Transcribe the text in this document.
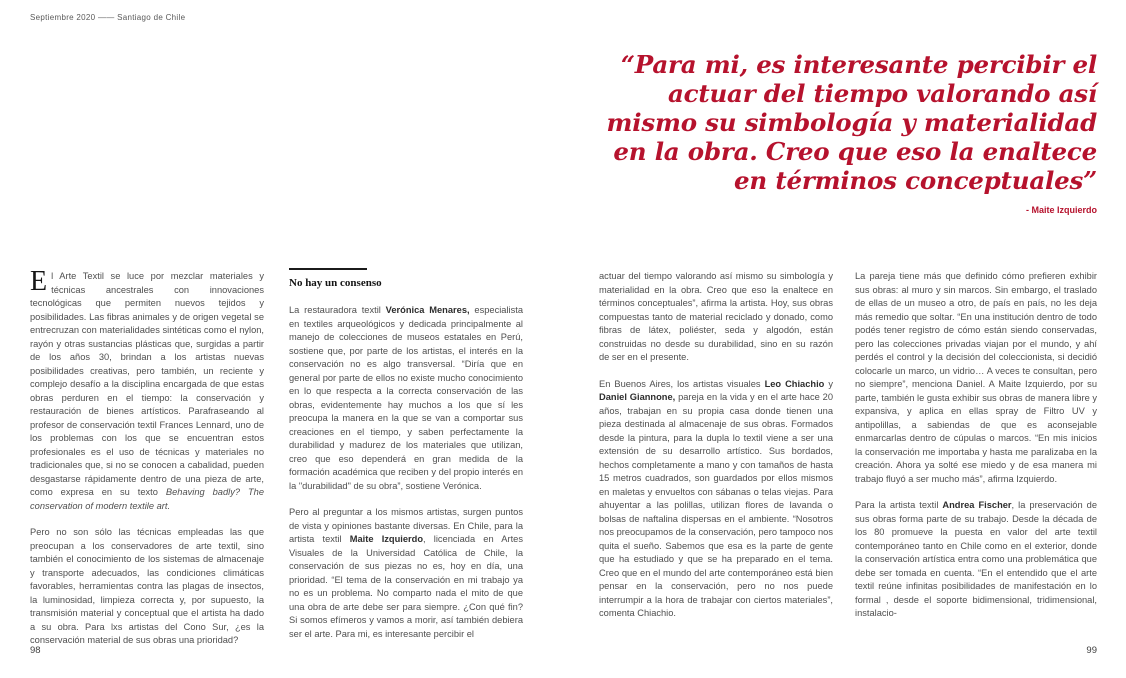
Septiembre 2020 —— Santiago de Chile
“Para mi, es interesante percibir el actuar del tiempo valorando así mismo su simbología y materialidad en la obra. Creo que eso la enaltece en términos conceptuales”
- Maite Izquierdo

El Arte Textil se luce por mezclar materiales y técnicas ancestrales con innovaciones tecnológicas que permiten nuevos tejidos y posibilidades. Las fibras animales y de origen vegetal se entrecruzan con materialidades sintéticas como el nylon, rayón y otras sustancias plásticas que, surgidas a partir de los años 30, brindan a los artistas nuevas posibilidades creativas, pero también, un reciente y complejo desafío a la disciplina encargada de que estas obras perduren en el tiempo: la conservación y restauración de bienes artísticos. Parafraseando al profesor de conservación textil Frances Lennard, uno de los problemas con los que se encuentran estos profesionales es el uso de técnicas y materiales no tradicionales que, si no se conocen a cabalidad, pueden desgastarse rápidamente dentro de una pieza de arte, como expresa en su texto Behaving badly? The conservation of modern textile art.

Pero no son sólo las técnicas empleadas las que preocupan a los conservadores de arte textil, sino también el conocimiento de los sistemas de almacenaje y transporte adecuados, las condiciones climáticas favorables, herramientas contra las plagas de insectos, la luminosidad, limpieza correcta y, por supuesto, la transmisión material y conceptual que el artista ha dado a su obra. Para lxs artistas del Cono Sur, ¿es la conservación material de sus obras una prioridad?

No hay un consenso

La restauradora textil Verónica Menares, especialista en textiles arqueológicos y dedicada principalmente al manejo de colecciones de museos estatales en Perú, sostiene que, por parte de los artistas, el interés en la conservación no es algo transversal. “Diría que en general por parte de ellos no existe mucho conocimiento en lo que respecta a la correcta conservación de las obras, evidentemente hay muchos a los que sí les preocupa la manera en la que se van a comportar sus creaciones en el tiempo, y saben perfectamente la durabilidad y madurez de los materiales que utilizan, creo que eso dependerá en gran medida de la formación académica que reciben y del propio interés en la "durabilidad" de su obra”, sostiene Verónica.

Pero al preguntar a los mismos artistas, surgen puntos de vista y opiniones bastante diversas. En Chile, para la artista textil Maite Izquierdo, licenciada en Artes Visuales de la Universidad Católica de Chile, la conservación de sus piezas no es, hoy en día, una prioridad. “El tema de la conservación en mi trabajo ya no es un problema. No comparto nada el mito de que una obra de arte debe ser para siempre. ¿Con qué fin? Si somos efímeros y vamos a morir, así también debiera ser el arte. Para mi, es interesante percibir el

actuar del tiempo valorando así mismo su simbología y materialidad en la obra. Creo que eso la enaltece en términos conceptuales”, afirma la artista. Hoy, sus obras compuestas tanto de material reciclado y donado, como fibras de látex, poliéster, seda y algodón, están construidas no desde su durabilidad, sino en su razón de ser en el presente.

En Buenos Aires, los artistas visuales Leo Chiachio y Daniel Giannone, pareja en la vida y en el arte hace 20 años, trabajan en su propia casa donde tienen una pieza destinada al almacenaje de sus obras. Formados desde la pintura, para la dupla lo textil viene a ser una extensión de su desarrollo artístico. Sus bordados, hechos completamente a mano y con tamaños de hasta 15 metros cuadrados, son guardados por ellos mismos en maletas y envueltos con sábanas o telas viejas. Para ahuyentar a las polillas, utilizan flores de lavanda o bolsas de naftalina dispersas en el ambiente. “Nosotros nos preocupamos de la conservación, pero tampoco nos quita el sueño. Sabemos que esa es la parte de gente que ha estudiado y que se ha preparado en el tema. Creo que en el mundo del arte contemporáneo está bien pensar en la conservación, pero no nos puede interrumpir a la hora de trabajar con ciertos materiales”, comenta Chiachio.

La pareja tiene más que definido cómo prefieren exhibir sus obras: al muro y sin marcos. Sin embargo, el traslado de ellas de un museo a otro, de país en país, no les deja más remedio que soltar. “En una institución dentro de todo podés tener registro de cómo están siendo conservadas, pero las colecciones privadas viajan por el mundo, y ahí perdés el control y la decisión del coleccionista, si decidió colocarle un marco, un vidrio… A veces te consultan, pero no siempre”, menciona Daniel. A Maite Izquierdo, por su parte, también le gusta exhibir sus obras de manera libre y expansiva, y aplica en ellas spray de Filtro UV y antipolillas, a sabiendas de que es aconsejable enmarcarlas dentro de cúpulas o marcos. “En mis inicios la conservación me importaba y hasta me paralizaba en la creación. Ahora ya solté ese miedo y de esa manera mi trabajo fluyó a ser mucho más”, afirma Izquierdo.

Para la artista textil Andrea Fischer, la preservación de sus obras forma parte de su trabajo. Desde la década de los 80 promueve la puesta en valor del arte textil contemporáneo tanto en Chile como en el exterior, donde la conservación artística entra como una problemática que debe ser tomada en cuenta. “En el entendido que el arte textil reúne infinitas posibilidades de manifestación en lo formal , desde el soporte bidimensional, tridimensional, instalacio-

98	99
